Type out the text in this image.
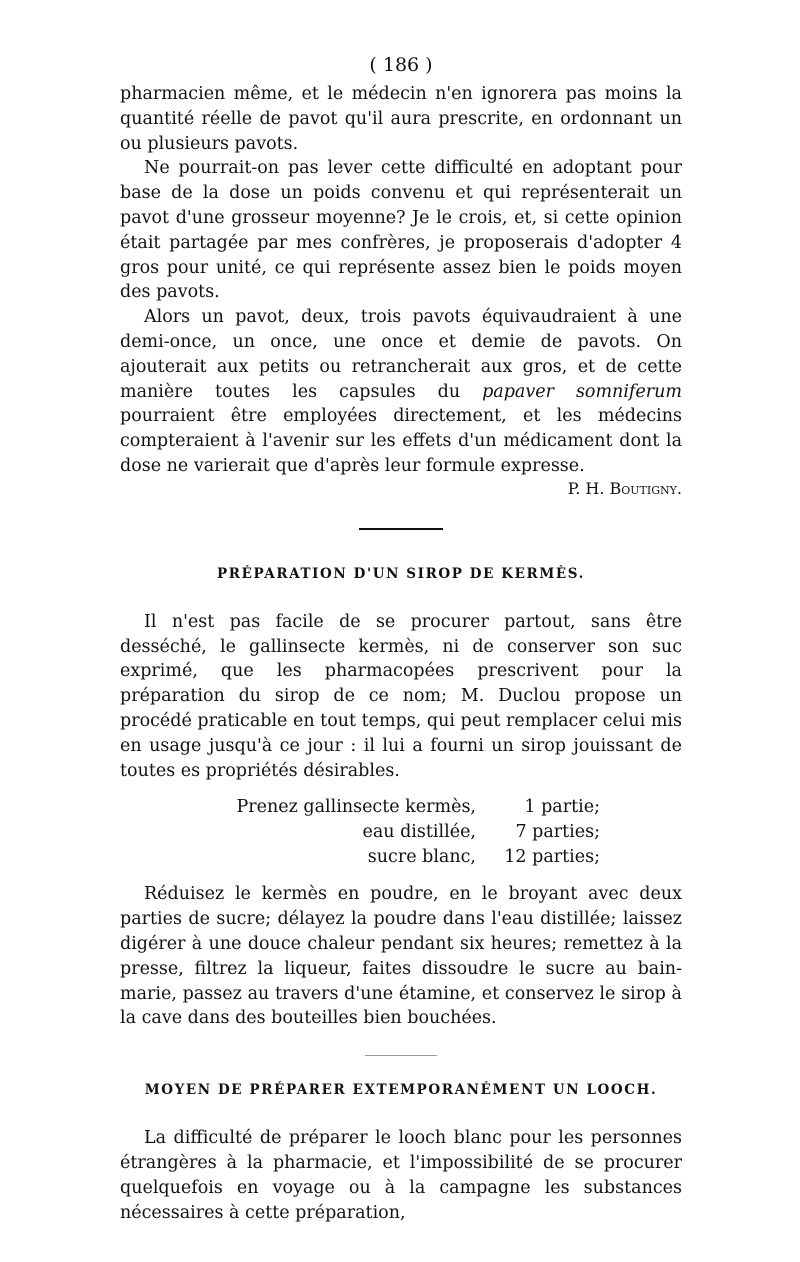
( 186 )

pharmacien même, et le médecin n'en ignorera pas moins la quantité réelle de pavot qu'il aura prescrite, en ordonnant un ou plusieurs pavots.

Ne pourrait-on pas lever cette difficulté en adoptant pour base de la dose un poids convenu et qui représenterait un pavot d'une grosseur moyenne? Je le crois, et, si cette opinion était partagée par mes confrères, je proposerais d'adopter 4 gros pour unité, ce qui représente assez bien le poids moyen des pavots.

Alors un pavot, deux, trois pavots équivaudraient à une demi-once, un once, une once et demie de pavots. On ajouterait aux petits ou retrancherait aux gros, et de cette manière toutes les capsules du papaver somniferum pourraient être employées directement, et les médecins compteraient à l'avenir sur les effets d'un médicament dont la dose ne varierait que d'après leur formule expresse.

P. H. Boutigny.
PRÉPARATION D'UN SIROP DE KERMÈS.

Il n'est pas facile de se procurer partout, sans être desséché, le gallinsecte kermès, ni de conserver son suc exprimé, que les pharmacopées prescrivent pour la préparation du sirop de ce nom; M. Duclou propose un procédé praticable en tout temps, qui peut remplacer celui mis en usage jusqu'à ce jour : il lui a fourni un sirop jouissant de toutes es propriétés désirables.

Prenez gallinsecte kermès,	1 partie;
eau distillée,	7 parties;
sucre blanc,	12 parties;

Réduisez le kermès en poudre, en le broyant avec deux parties de sucre; délayez la poudre dans l'eau distillée; laissez digérer à une douce chaleur pendant six heures; remettez à la presse, filtrez la liqueur, faites dissoudre le sucre au bain-marie, passez au travers d'une étamine, et conservez le sirop à la cave dans des bouteilles bien bouchées.

MOYEN DE PRÉPARER EXTEMPORANÉMENT UN LOOCH.

La difficulté de préparer le looch blanc pour les personnes étrangères à la pharmacie, et l'impossibilité de se procurer quelquefois en voyage ou à la campagne les substances nécessaires à cette préparation,
